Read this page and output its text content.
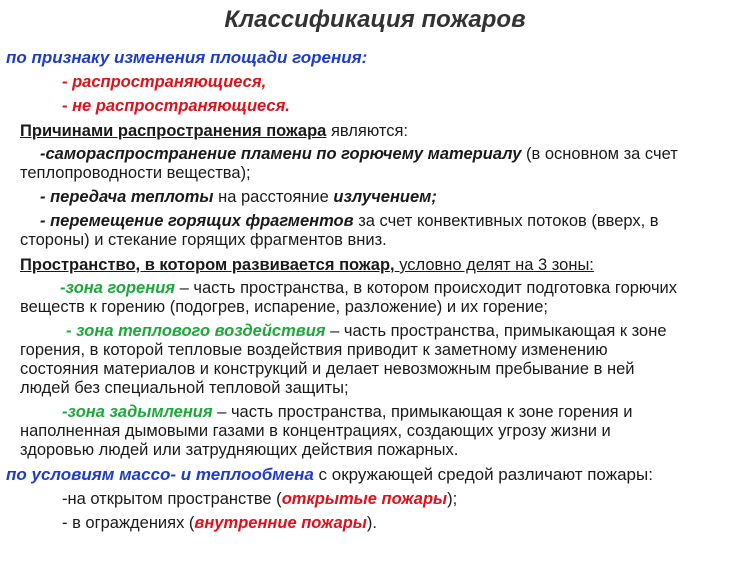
Классификация пожаров
по признаку изменения площади горения:
- распространяющиеся,
- не распространяющиеся.
Причинами распространения пожара являются:
-самораспространение пламени по горючему материалу (в основном за счет
теплопроводности вещества);
- передача теплоты на расстояние излучением;
- перемещение горящих фрагментов за счет конвективных потоков (вверх, в
стороны) и стекание горящих фрагментов вниз.
Пространство, в котором развивается пожар, условно делят на 3 зоны:
-зона горения – часть пространства, в котором происходит подготовка горючих
веществ к горению (подогрев, испарение, разложение) и их горение;
- зона теплового воздействия – часть пространства, примыкающая к зоне
горения, в которой тепловые воздействия приводит к заметному изменению
состояния материалов и конструкций и делает невозможным пребывание в ней
людей без специальной тепловой защиты;
-зона задымления – часть пространства, примыкающая к зоне горения и
наполненная дымовыми газами в концентрациях, создающих угрозу жизни и
здоровью людей или затрудняющих действия пожарных.
по условиям массо- и теплообмена с окружающей средой различают пожары:
-на открытом пространстве (открытые пожары);
- в ограждениях (внутренние пожары).
